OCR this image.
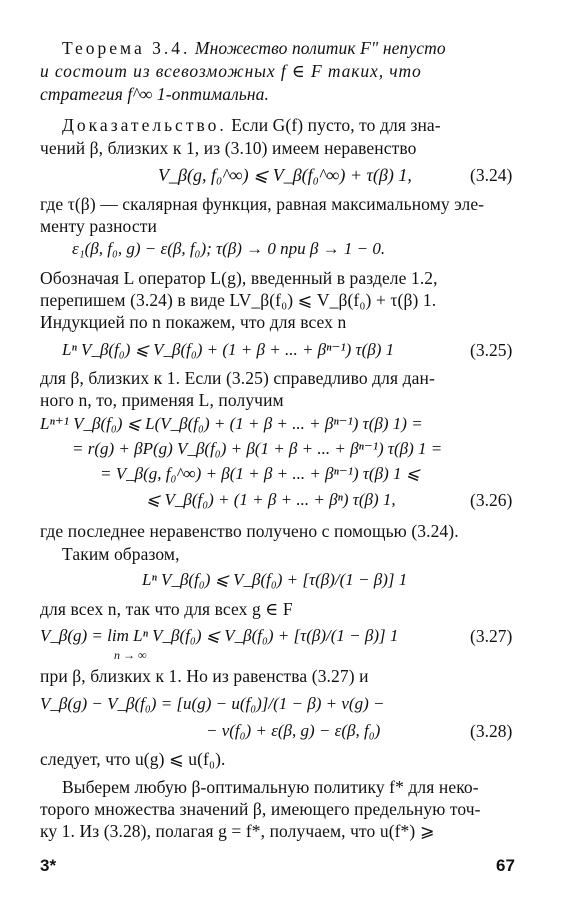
Теорема 3.4. Множество политик F" непусто
и состоит из всевозможных f ∈ F таких, что
стратегия f^∞ 1-оптимальна.
Доказательство. Если G(f) пусто, то для зна-
чений β, близких к 1, из (3.10) имеем неравенство
V_β(g, f₀^∞) ⩽ V_β(f₀^∞) + τ(β) 1,	(3.24)
где τ(β) — скалярная функция, равная максимальному эле-
менту разности
ε₁(β, f₀, g) − ε(β, f₀); τ(β) → 0 при β → 1 − 0.
Обозначая L оператор L(g), введенный в разделе 1.2,
перепишем (3.24) в виде LV_β(f₀) ⩽ V_β(f₀) + τ(β) 1.
Индукцией по n покажем, что для всех n
Lⁿ V_β(f₀) ⩽ V_β(f₀) + (1 + β + ... + βⁿ⁻¹) τ(β) 1	(3.25)
для β, близких к 1. Если (3.25) справедливо для дан-
ного n, то, применяя L, получим
Lⁿ⁺¹ V_β(f₀) ⩽ L(V_β(f₀) + (1 + β + ... + βⁿ⁻¹) τ(β) 1) =
= r(g) + βP(g) V_β(f₀) + β(1 + β + ... + βⁿ⁻¹) τ(β) 1 =
= V_β(g, f₀^∞) + β(1 + β + ... + βⁿ⁻¹) τ(β) 1 ⩽
⩽ V_β(f₀) + (1 + β + ... + βⁿ) τ(β) 1,	(3.26)
где последнее неравенство получено с помощью (3.24).
Таким образом,
Lⁿ V_β(f₀) ⩽ V_β(f₀) + [τ(β)/(1 − β)] 1
для всех n, так что для всех g ∈ F
V_β(g) = lim Lⁿ V_β(f₀) ⩽ V_β(f₀) + [τ(β)/(1 − β)] 1
n → ∞
(3.27)
при β, близких к 1. Но из равенства (3.27) и
V_β(g) − V_β(f₀) = [u(g) − u(f₀)]/(1 − β) + v(g) −
− v(f₀) + ε(β, g) − ε(β, f₀)	(3.28)
следует, что u(g) ⩽ u(f₀).
Выберем любую β-оптимальную политику f* для неко-
торого множества значений β, имеющего предельную точ-
ку 1. Из (3.28), полагая g = f*, получаем, что u(f*) ⩾
3*	67
